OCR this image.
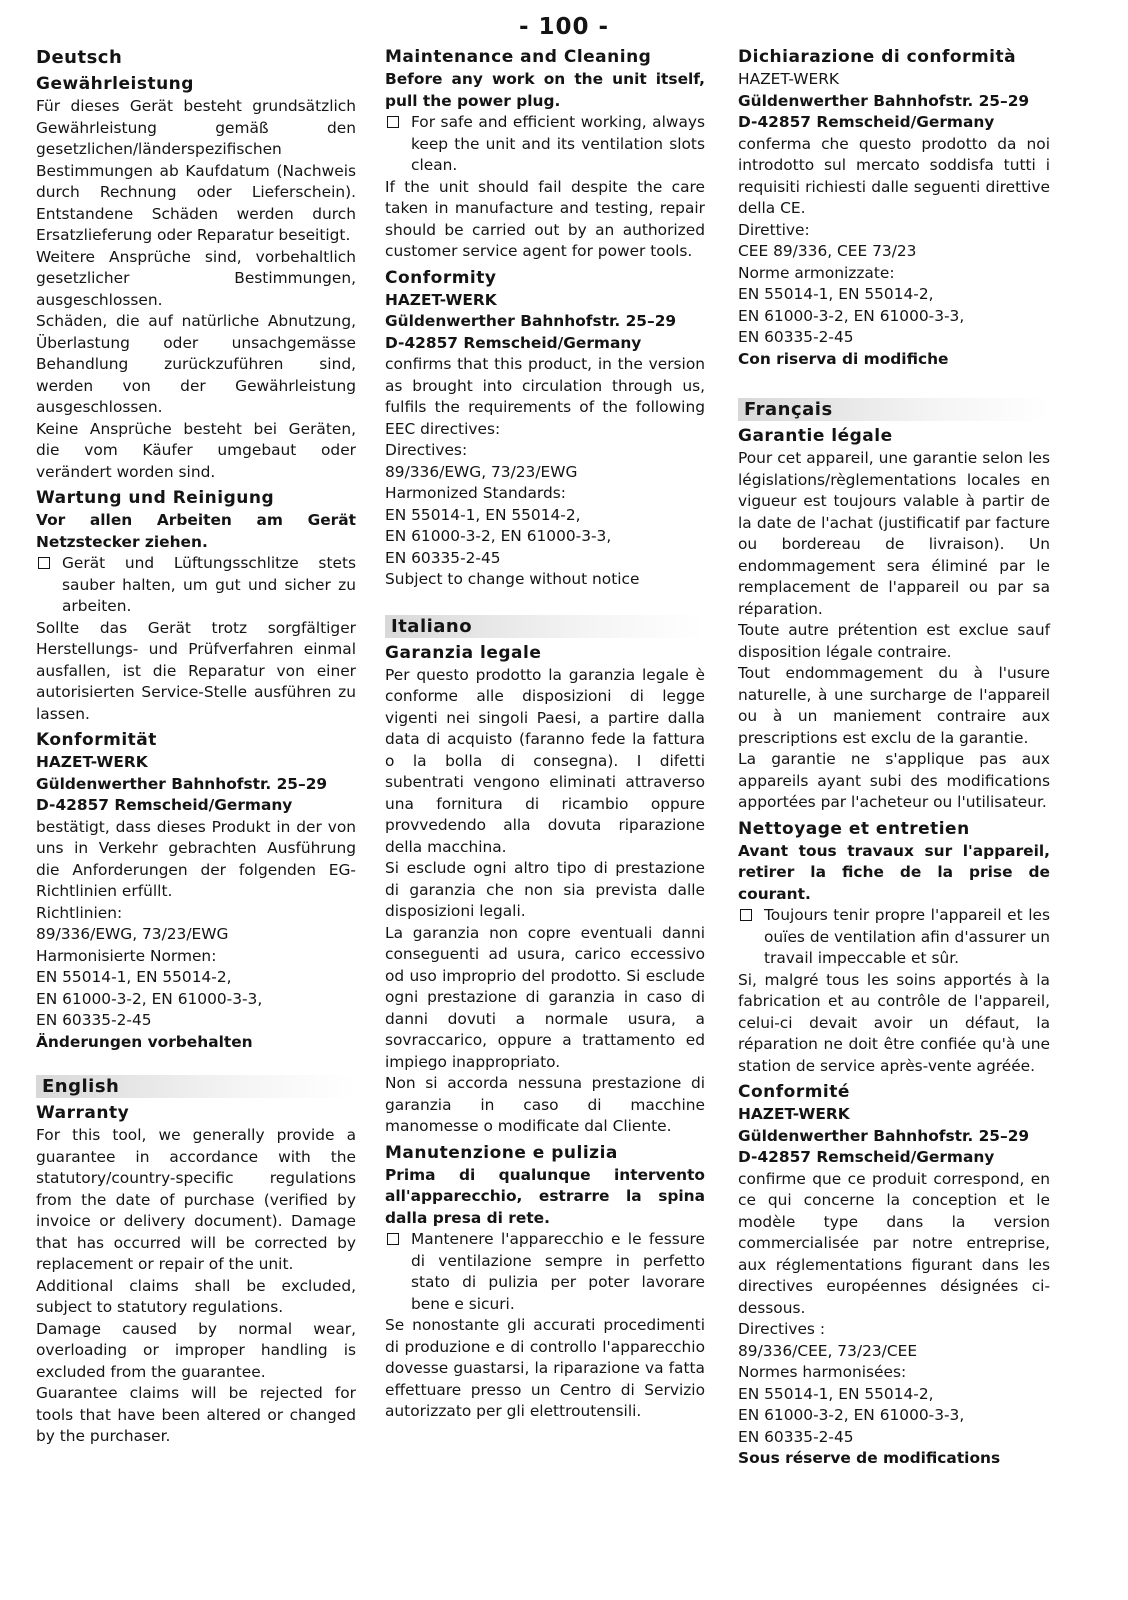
- 100 -
Deutsch
Gewährleistung
Für dieses Gerät besteht grundsätzlich Gewährleistung gemäß den gesetzlichen/länderspezifischen Bestimmungen ab Kaufdatum (Nachweis durch Rechnung oder Lieferschein). Entstandene Schäden werden durch Ersatzlieferung oder Reparatur beseitigt.
Weitere Ansprüche sind, vorbehaltlich gesetzlicher Bestimmungen, ausgeschlossen.
Schäden, die auf natürliche Abnutzung, Überlastung oder unsachgemässe Behandlung zurückzuführen sind, werden von der Gewährleistung ausgeschlossen.
Keine Ansprüche besteht bei Geräten, die vom Käufer umgebaut oder verändert worden sind.
Wartung und Reinigung
Vor allen Arbeiten am Gerät Netzstecker ziehen.
Gerät und Lüftungsschlitze stets sauber halten, um gut und sicher zu arbeiten.
Sollte das Gerät trotz sorgfältiger Herstellungs- und Prüfverfahren einmal ausfallen, ist die Reparatur von einer autorisierten Service-Stelle ausführen zu lassen.
Konformität
HAZET-WERK
Güldenwerther Bahnhofstr. 25–29
D-42857 Remscheid/Germany
bestätigt, dass dieses Produkt in der von uns in Verkehr gebrachten Ausführung die Anforderungen der folgenden EG-Richtlinien erfüllt.
Richtlinien:
89/336/EWG, 73/23/EWG
Harmonisierte Normen:
EN 55014-1, EN 55014-2,
EN 61000-3-2, EN 61000-3-3,
EN 60335-2-45
Änderungen vorbehalten
English
Warranty
For this tool, we generally provide a guarantee in accordance with the statutory/country-specific regulations from the date of purchase (verified by invoice or delivery document). Damage that has occurred will be corrected by replacement or repair of the unit.
Additional claims shall be excluded, subject to statutory regulations.
Damage caused by normal wear, overloading or improper handling is excluded from the guarantee.
Guarantee claims will be rejected for tools that have been altered or changed by the purchaser.
Maintenance and Cleaning
Before any work on the unit itself, pull the power plug.
For safe and efficient working, always keep the unit and its ventilation slots clean.
If the unit should fail despite the care taken in manufacture and testing, repair should be carried out by an authorized customer service agent for power tools.
Conformity
HAZET-WERK
Güldenwerther Bahnhofstr. 25–29
D-42857 Remscheid/Germany
confirms that this product, in the version as brought into circulation through us, fulfils the requirements of the following EEC directives:
Directives:
89/336/EWG, 73/23/EWG
Harmonized Standards:
EN 55014-1, EN 55014-2,
EN 61000-3-2, EN 61000-3-3,
EN 60335-2-45
Subject to change without notice
Italiano
Garanzia legale
Per questo prodotto la garanzia legale è conforme alle disposizioni di legge vigenti nei singoli Paesi, a partire dalla data di acquisto (faranno fede la fattura o la bolla di consegna). I difetti subentrati vengono eliminati attraverso una fornitura di ricambio oppure provvedendo alla dovuta riparazione della macchina.
Si esclude ogni altro tipo di prestazione di garanzia che non sia prevista dalle disposizioni legali.
La garanzia non copre eventuali danni conseguenti ad usura, carico eccessivo od uso improprio del prodotto. Si esclude ogni prestazione di garanzia in caso di danni dovuti a normale usura, a sovraccarico, oppure a trattamento ed impiego inappropriato.
Non si accorda nessuna prestazione di garanzia in caso di macchine manomesse o modificate dal Cliente.
Manutenzione e pulizia
Prima di qualunque intervento all'apparecchio, estrarre la spina dalla presa di rete.
Mantenere l'apparecchio e le fessure di ventilazione sempre in perfetto stato di pulizia per poter lavorare bene e sicuri.
Se nonostante gli accurati procedimenti di produzione e di controllo l'apparecchio dovesse guastarsi, la riparazione va fatta effettuare presso un Centro di Servizio autorizzato per gli elettroutensili.
Dichiarazione di conformità
HAZET-WERK
Güldenwerther Bahnhofstr. 25–29
D-42857 Remscheid/Germany
conferma che questo prodotto da noi introdotto sul mercato soddisfa tutti i requisiti richiesti dalle seguenti direttive della CE.
Direttive:
CEE 89/336, CEE 73/23
Norme armonizzate:
EN 55014-1, EN 55014-2,
EN 61000-3-2, EN 61000-3-3,
EN 60335-2-45
Con riserva di modifiche
Français
Garantie légale
Pour cet appareil, une garantie selon les législations/règlementations locales en vigueur est toujours valable à partir de la date de l'achat (justificatif par facture ou bordereau de livraison). Un endommagement sera éliminé par le remplacement de l'appareil ou par sa réparation.
Toute autre prétention est exclue sauf disposition légale contraire.
Tout endommagement du à l'usure naturelle, à une surcharge de l'appareil ou à un maniement contraire aux prescriptions est exclu de la garantie.
La garantie ne s'applique pas aux appareils ayant subi des modifications apportées par l'acheteur ou l'utilisateur.
Nettoyage et entretien
Avant tous travaux sur l'appareil, retirer la fiche de la prise de courant.
Toujours tenir propre l'appareil et les ouïes de ventilation afin d'assurer un travail impeccable et sûr.
Si, malgré tous les soins apportés à la fabrication et au contrôle de l'appareil, celui-ci devait avoir un défaut, la réparation ne doit être confiée qu'à une station de service après-vente agréée.
Conformité
HAZET-WERK
Güldenwerther Bahnhofstr. 25–29
D-42857 Remscheid/Germany
confirme que ce produit correspond, en ce qui concerne la conception et le modèle type dans la version commercialisée par notre entreprise, aux réglementations figurant dans les directives européennes désignées ci-dessous.
Directives :
89/336/CEE, 73/23/CEE
Normes harmonisées:
EN 55014-1, EN 55014-2,
EN 61000-3-2, EN 61000-3-3,
EN 60335-2-45
Sous réserve de modifications
